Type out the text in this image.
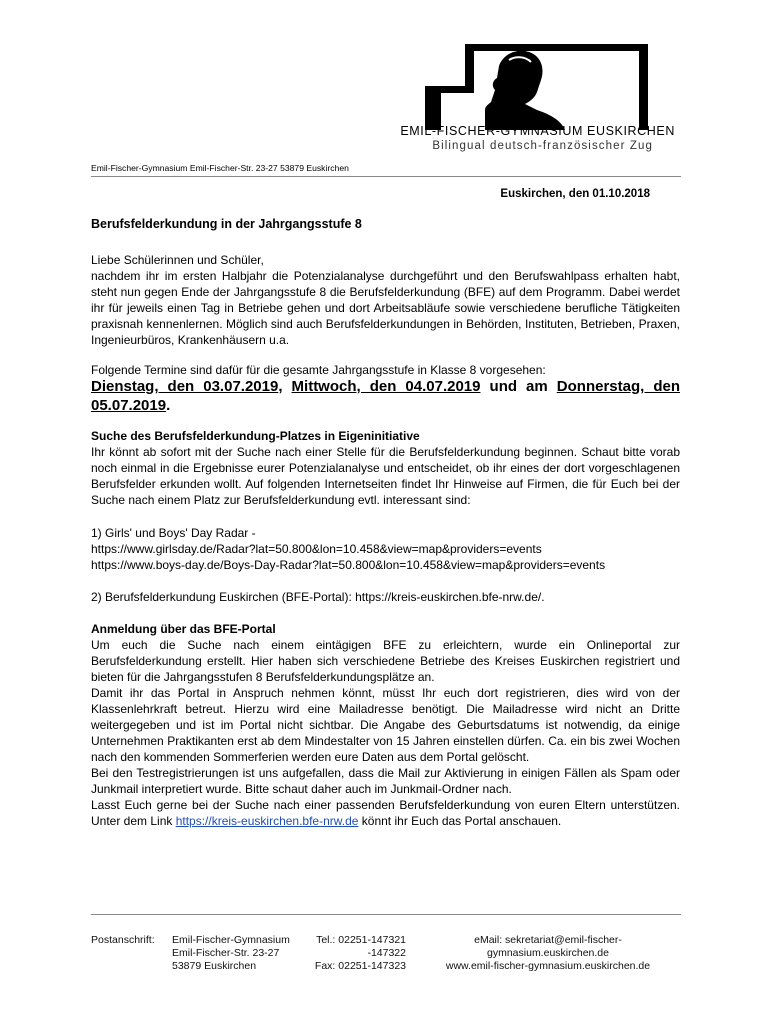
EMIL-FISCHER-GYMNASIUM EUSKIRCHEN
Bilingual deutsch-französischer Zug
Emil-Fischer-Gymnasium Emil-Fischer-Str. 23-27 53879 Euskirchen
Euskirchen, den 01.10.2018
Berufsfelderkundung in der Jahrgangsstufe 8

Liebe Schülerinnen und Schüler,

nachdem ihr im ersten Halbjahr die Potenzialanalyse durchgeführt und den Berufswahlpass erhalten habt, steht nun gegen Ende der Jahrgangsstufe 8 die Berufsfelderkundung (BFE) auf dem Programm. Dabei werdet ihr für jeweils einen Tag in Betriebe gehen und dort Arbeitsabläufe sowie verschiedene berufliche Tätigkeiten praxisnah kennenlernen. Möglich sind auch Berufsfelderkundungen in Behörden, Instituten, Betrieben, Praxen, Ingenieurbüros, Krankenhäusern u.a.

Folgende Termine sind dafür für die gesamte Jahrgangsstufe in Klasse 8 vorgesehen:

Dienstag, den 03.07.2019, Mittwoch, den 04.07.2019 und am Donnerstag, den 05.07.2019.

Suche des Berufsfelderkundung-Platzes in Eigeninitiative

Ihr könnt ab sofort mit der Suche nach einer Stelle für die Berufsfelderkundung beginnen. Schaut bitte vorab noch einmal in die Ergebnisse eurer Potenzialanalyse und entscheidet, ob ihr eines der dort vorgeschlagenen Berufsfelder erkunden wollt. Auf folgenden Internetseiten findet Ihr Hinweise auf Firmen, die für Euch bei der Suche nach einem Platz zur Berufsfelderkundung evtl. interessant sind:

1) Girls' und Boys' Day Radar -

https://www.girlsday.de/Radar?lat=50.800&lon=10.458&view=map&providers=events

https://www.boys-day.de/Boys-Day-Radar?lat=50.800&lon=10.458&view=map&providers=events

2) Berufsfelderkundung Euskirchen (BFE-Portal): https://kreis-euskirchen.bfe-nrw.de/.

Anmeldung über das BFE-Portal

Um euch die Suche nach einem eintägigen BFE zu erleichtern, wurde ein Onlineportal zur Berufsfelderkundung erstellt. Hier haben sich verschiedene Betriebe des Kreises Euskirchen registriert und bieten für die Jahrgangsstufen 8 Berufsfelderkundungsplätze an.

Damit ihr das Portal in Anspruch nehmen könnt, müsst Ihr euch dort registrieren, dies wird von der Klassenlehrkraft betreut. Hierzu wird eine Mailadresse benötigt. Die Mailadresse wird nicht an Dritte weitergegeben und ist im Portal nicht sichtbar. Die Angabe des Geburtsdatums ist notwendig, da einige Unternehmen Praktikanten erst ab dem Mindestalter von 15 Jahren einstellen dürfen. Ca. ein bis zwei Wochen nach den kommenden Sommerferien werden eure Daten aus dem Portal gelöscht.

Bei den Testregistrierungen ist uns aufgefallen, dass die Mail zur Aktivierung in einigen Fällen als Spam oder Junkmail interpretiert wurde. Bitte schaut daher auch im Junkmail-Ordner nach.

Lasst Euch gerne bei der Suche nach einer passenden Berufsfelderkundung von euren Eltern unterstützen. Unter dem Link https://kreis-euskirchen.bfe-nrw.de könnt ihr Euch das Portal anschauen.

Postanschrift: Emil-Fischer-Gymnasium
Emil-Fischer-Str. 23-27
53879 Euskirchen
Tel.: 02251-147321
-147322
Fax: 02251-147323
eMail: sekretariat@emil-fischer-
gymnasium.euskirchen.de
www.emil-fischer-gymnasium.euskirchen.de
